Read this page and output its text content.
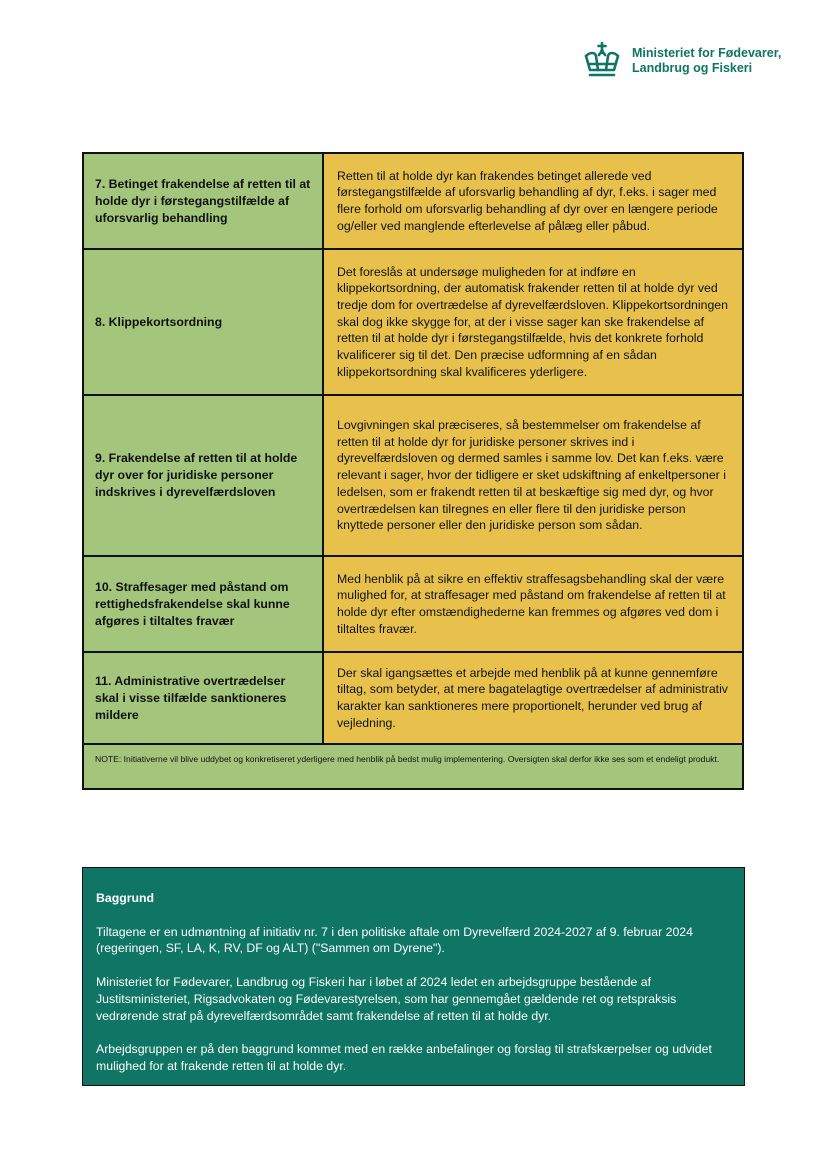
Ministeriet for Fødevarer,
Landbrug og Fiskeri
7. Betinget frakendelse af retten til at holde dyr i førstegangstilfælde af uforsvarlig behandling
Retten til at holde dyr kan frakendes betinget allerede ved førstegangstilfælde af uforsvarlig behandling af dyr, f.eks. i sager med flere forhold om uforsvarlig behandling af dyr over en længere periode og/eller ved manglende efterlevelse af pålæg eller påbud.
8. Klippekortsordning
Det foreslås at undersøge muligheden for at indføre en klippekortsordning, der automatisk frakender retten til at holde dyr ved tredje dom for overtrædelse af dyrevelfærdsloven. Klippekortsordningen skal dog ikke skygge for, at der i visse sager kan ske frakendelse af retten til at holde dyr i førstegangstilfælde, hvis det konkrete forhold kvalificerer sig til det. Den præcise udformning af en sådan klippekortsordning skal kvalificeres yderligere.
9. Frakendelse af retten til at holde dyr over for juridiske personer indskrives i dyrevelfærdsloven
Lovgivningen skal præciseres, så bestemmelser om frakendelse af retten til at holde dyr for juridiske personer skrives ind i dyrevelfærdsloven og dermed samles i samme lov. Det kan f.eks. være relevant i sager, hvor der tidligere er sket udskiftning af enkeltpersoner i ledelsen, som er frakendt retten til at beskæftige sig med dyr, og hvor overtrædelsen kan tilregnes en eller flere til den juridiske person knyttede personer eller den juridiske person som sådan.
10. Straffesager med påstand om rettighedsfrakendelse skal kunne afgøres i tiltaltes fravær
Med henblik på at sikre en effektiv straffesagsbehandling skal der være mulighed for, at straffesager med påstand om frakendelse af retten til at holde dyr efter omstændighederne kan fremmes og afgøres ved dom i tiltaltes fravær.
11. Administrative overtrædelser skal i visse tilfælde sanktioneres mildere
Der skal igangsættes et arbejde med henblik på at kunne gennemføre tiltag, som betyder, at mere bagatelagtige overtrædelser af administrativ karakter kan sanktioneres mere proportionelt, herunder ved brug af vejledning.
NOTE: Initiativerne vil blive uddybet og konkretiseret yderligere med henblik på bedst mulig implementering. Oversigten skal derfor ikke ses som et endeligt produkt.
Baggrund

Tiltagene er en udmøntning af initiativ nr. 7 i den politiske aftale om Dyrevelfærd 2024-2027 af 9. februar 2024 (regeringen, SF, LA, K, RV, DF og ALT) ("Sammen om Dyrene").

Ministeriet for Fødevarer, Landbrug og Fiskeri har i løbet af 2024 ledet en arbejdsgruppe bestående af Justitsministeriet, Rigsadvokaten og Fødevarestyrelsen, som har gennemgået gældende ret og retspraksis vedrørende straf på dyrevelfærdsområdet samt frakendelse af retten til at holde dyr.

Arbejdsgruppen er på den baggrund kommet med en række anbefalinger og forslag til strafskærpelser og udvidet mulighed for at frakende retten til at holde dyr.
